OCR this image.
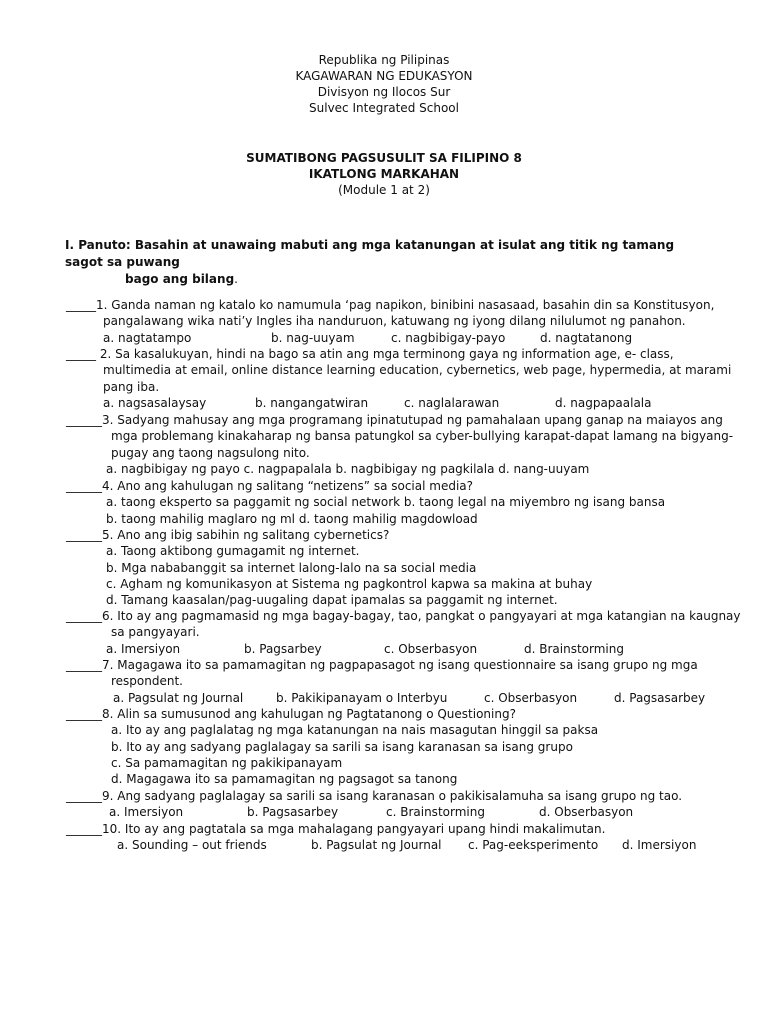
Republika ng Pilipinas
KAGAWARAN NG EDUKASYON
Divisyon ng Ilocos Sur
Sulvec Integrated School
SUMATIBONG PAGSUSULIT SA FILIPINO 8
IKATLONG MARKAHAN
(Module 1 at 2)
I. Panuto: Basahin at unawaing mabuti ang mga katanungan at isulat ang titik ng tamang sagot sa puwang
bago ang bilang.
_____1. Ganda naman ng katalo ko namumula ‘pag napikon, binibini nasasaad, basahin din sa Konstitusyon,
pangalawang wika nati’y Ingles iha nanduruon, katuwang ng iyong dilang nilulumot ng panahon.
a. nagtatampo	b. nag-uuyam	c. nagbibigay-payo	d. nagtatanong
_____ 2. Sa kasalukuyan, hindi na bago sa atin ang mga terminong gaya ng information age, e- class,
multimedia at email, online distance learning education, cybernetics, web page, hypermedia, at marami
pang iba.
a. nagsasalaysay	b. nangangatwiran	c. naglalarawan	d. nagpapaalala
______3. Sadyang mahusay ang mga programang ipinatutupad ng pamahalaan upang ganap na maiayos ang
mga problemang kinakaharap ng bansa patungkol sa cyber-bullying karapat-dapat lamang na bigyang-
pugay ang taong nagsulong nito.
a. nagbibigay ng payo c. nagpapalala b. nagbibigay ng pagkilala d. nang-uuyam
______4. Ano ang kahulugan ng salitang “netizens” sa social media?
a. taong eksperto sa paggamit ng social network b. taong legal na miyembro ng isang bansa
b. taong mahilig maglaro ng ml d. taong mahilig magdowload
______5. Ano ang ibig sabihin ng salitang cybernetics?
a. Taong aktibong gumagamit ng internet.
b. Mga nababanggit sa internet lalong-lalo na sa social media
c. Agham ng komunikasyon at Sistema ng pagkontrol kapwa sa makina at buhay
d. Tamang kaasalan/pag-uugaling dapat ipamalas sa paggamit ng internet.
______6. Ito ay ang pagmamasid ng mga bagay-bagay, tao, pangkat o pangyayari at mga katangian na kaugnay
sa pangyayari.
a. Imersiyon	b. Pagsarbey	c. Obserbasyon	d. Brainstorming
______7. Magagawa ito sa pamamagitan ng pagpapasagot ng isang questionnaire sa isang grupo ng mga
respondent.
a. Pagsulat ng Journal	b. Pakikipanayam o Interbyu	c. Obserbasyon	d. Pagsasarbey
______8. Alin sa sumusunod ang kahulugan ng Pagtatanong o Questioning?
a. Ito ay ang paglalatag ng mga katanungan na nais masagutan hinggil sa paksa
b. Ito ay ang sadyang paglalagay sa sarili sa isang karanasan sa isang grupo
c. Sa pamamagitan ng pakikipanayam
d. Magagawa ito sa pamamagitan ng pagsagot sa tanong
______9. Ang sadyang paglalagay sa sarili sa isang karanasan o pakikisalamuha sa isang grupo ng tao.
a. Imersiyon	b. Pagsasarbey	c. Brainstorming	d. Obserbasyon
______10. Ito ay ang pagtatala sa mga mahalagang pangyayari upang hindi makalimutan.
a. Sounding – out friends	b. Pagsulat ng Journal c. Pag-eeksperimento d. Imersiyon
